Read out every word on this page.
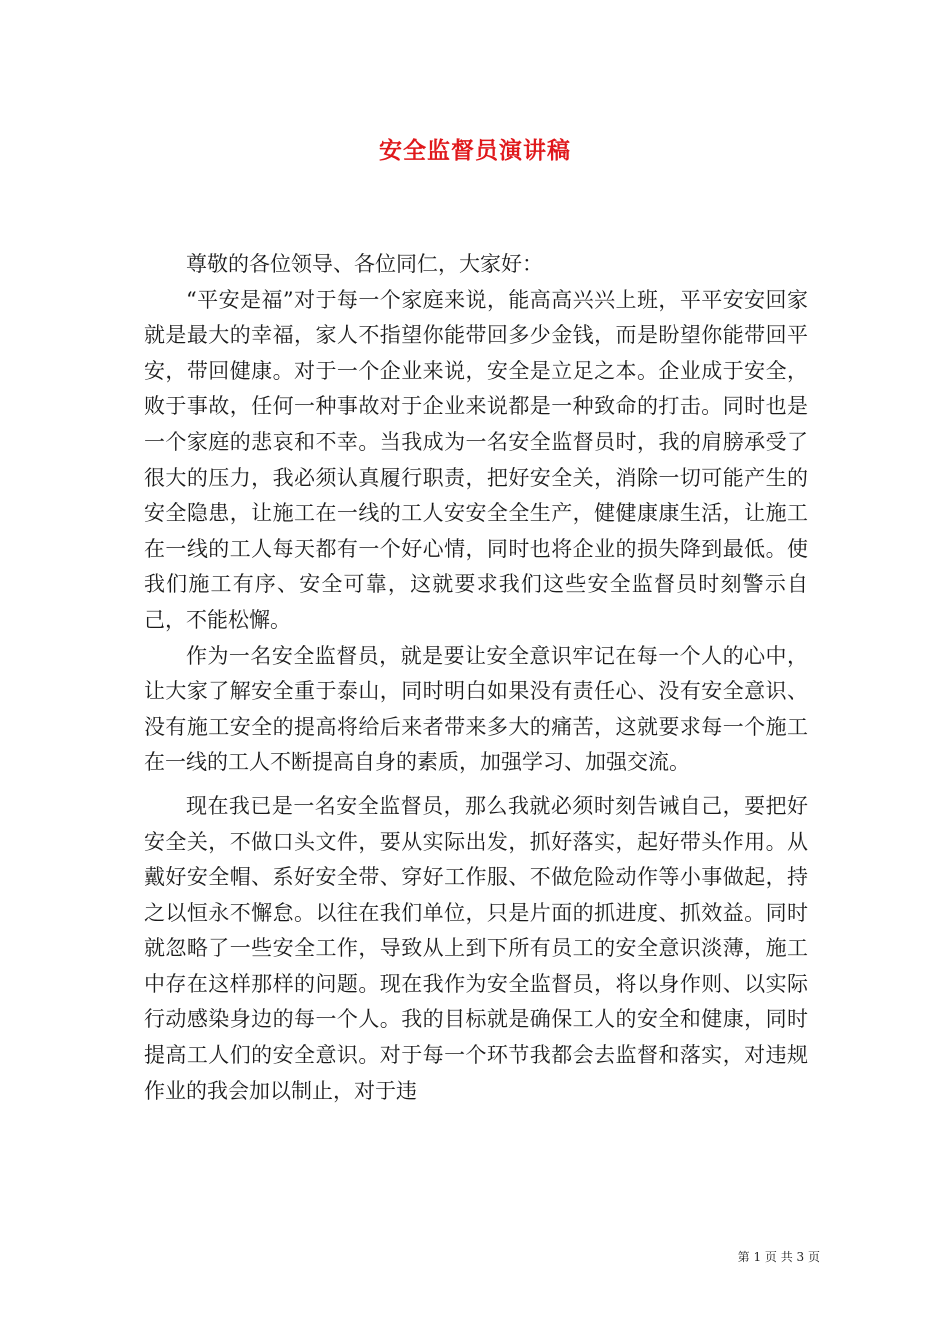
安全监督员演讲稿

尊敬的各位领导、各位同仁，大家好：

“平安是福”对于每一个家庭来说，能高高兴兴上班，平平安安回家就是最大的幸福，家人不指望你能带回多少金钱，而是盼望你能带回平安，带回健康。对于一个企业来说，安全是立足之本。企业成于安全，败于事故，任何一种事故对于企业来说都是一种致命的打击。同时也是一个家庭的悲哀和不幸。当我成为一名安全监督员时，我的肩膀承受了很大的压力，我必须认真履行职责，把好安全关，消除一切可能产生的安全隐患，让施工在一线的工人安安全全生产，健健康康生活，让施工在一线的工人每天都有一个好心情，同时也将企业的损失降到最低。使我们施工有序、安全可靠，这就要求我们这些安全监督员时刻警示自己，不能松懈。

作为一名安全监督员，就是要让安全意识牢记在每一个人的心中，让大家了解安全重于泰山，同时明白如果没有责任心、没有安全意识、没有施工安全的提高将给后来者带来多大的痛苦，这就要求每一个施工在一线的工人不断提高自身的素质，加强学习、加强交流。

现在我已是一名安全监督员，那么我就必须时刻告诫自己，要把好安全关，不做口头文件，要从实际出发，抓好落实，起好带头作用。从戴好安全帽、系好安全带、穿好工作服、不做危险动作等小事做起，持之以恒永不懈怠。以往在我们单位，只是片面的抓进度、抓效益。同时就忽略了一些安全工作，导致从上到下所有员工的安全意识淡薄，施工中存在这样那样的问题。现在我作为安全监督员，将以身作则、以实际行动感染身边的每一个人。我的目标就是确保工人的安全和健康，同时提高工人们的安全意识。对于每一个环节我都会去监督和落实，对违规作业的我会加以制止，对于违

第 1 页 共 3 页
